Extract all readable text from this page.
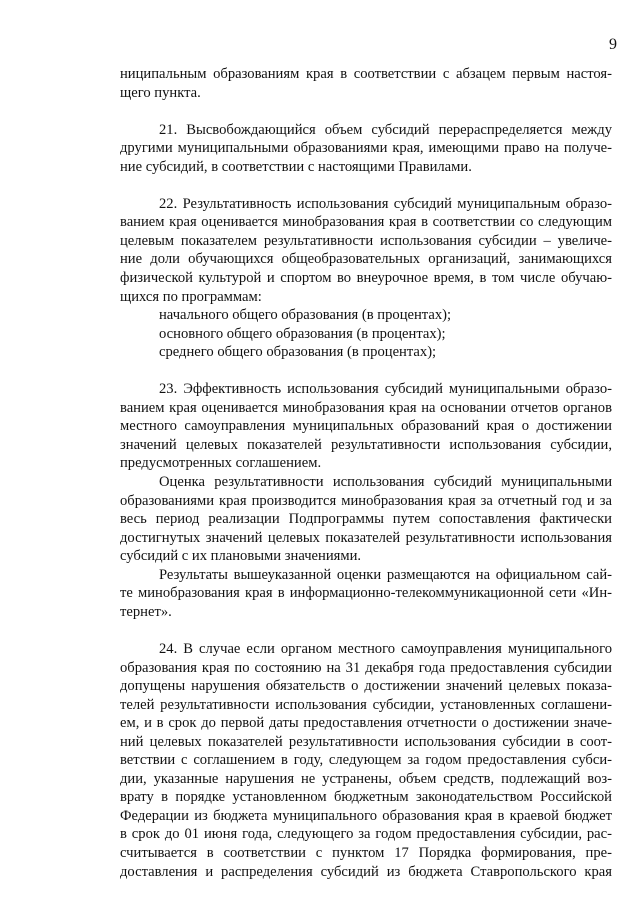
9
ниципальным образованиям края в соответствии с абзацем первым настоя-
щего пункта.
21. Высвобождающийся объем субсидий перераспределяется между
другими муниципальными образованиями края, имеющими право на получе-
ние субсидий, в соответствии с настоящими Правилами.
22. Результативность использования субсидий муниципальным образо-
ванием края оценивается минобразования края в соответствии со следующим
целевым показателем результативности использования субсидии – увеличе-
ние доли обучающихся общеобразовательных организаций, занимающихся
физической культурой и спортом во внеурочное время, в том числе обучаю-
щихся по программам:
начального общего образования (в процентах);
основного общего образования (в процентах);
среднего общего образования (в процентах);
23. Эффективность использования субсидий муниципальными образо-
ванием края оценивается минобразования края на основании отчетов органов
местного самоуправления муниципальных образований края о достижении
значений целевых показателей результативности использования субсидии,
предусмотренных соглашением.
Оценка результативности использования субсидий муниципальными
образованиями края производится минобразования края за отчетный год и за
весь период реализации Подпрограммы путем сопоставления фактически
достигнутых значений целевых показателей результативности использования
субсидий с их плановыми значениями.
Результаты вышеуказанной оценки размещаются на официальном сай-
те минобразования края в информационно-телекоммуникационной сети «Ин-
тернет».
24. В случае если органом местного самоуправления муниципального
образования края по состоянию на 31 декабря года предоставления субсидии
допущены нарушения обязательств о достижении значений целевых показа-
телей результативности использования субсидии, установленных соглашени-
ем, и в срок до первой даты предоставления отчетности о достижении значе-
ний целевых показателей результативности использования субсидии в соот-
ветствии с соглашением в году, следующем за годом предоставления субси-
дии, указанные нарушения не устранены, объем средств, подлежащий воз-
врату в порядке установленном бюджетным законодательством Российской
Федерации из бюджета муниципального образования края в краевой бюджет
в срок до 01 июня года, следующего за годом предоставления субсидии, рас-
считывается в соответствии с пунктом 17 Порядка формирования, пре-
доставления и распределения субсидий из бюджета Ставропольского края
